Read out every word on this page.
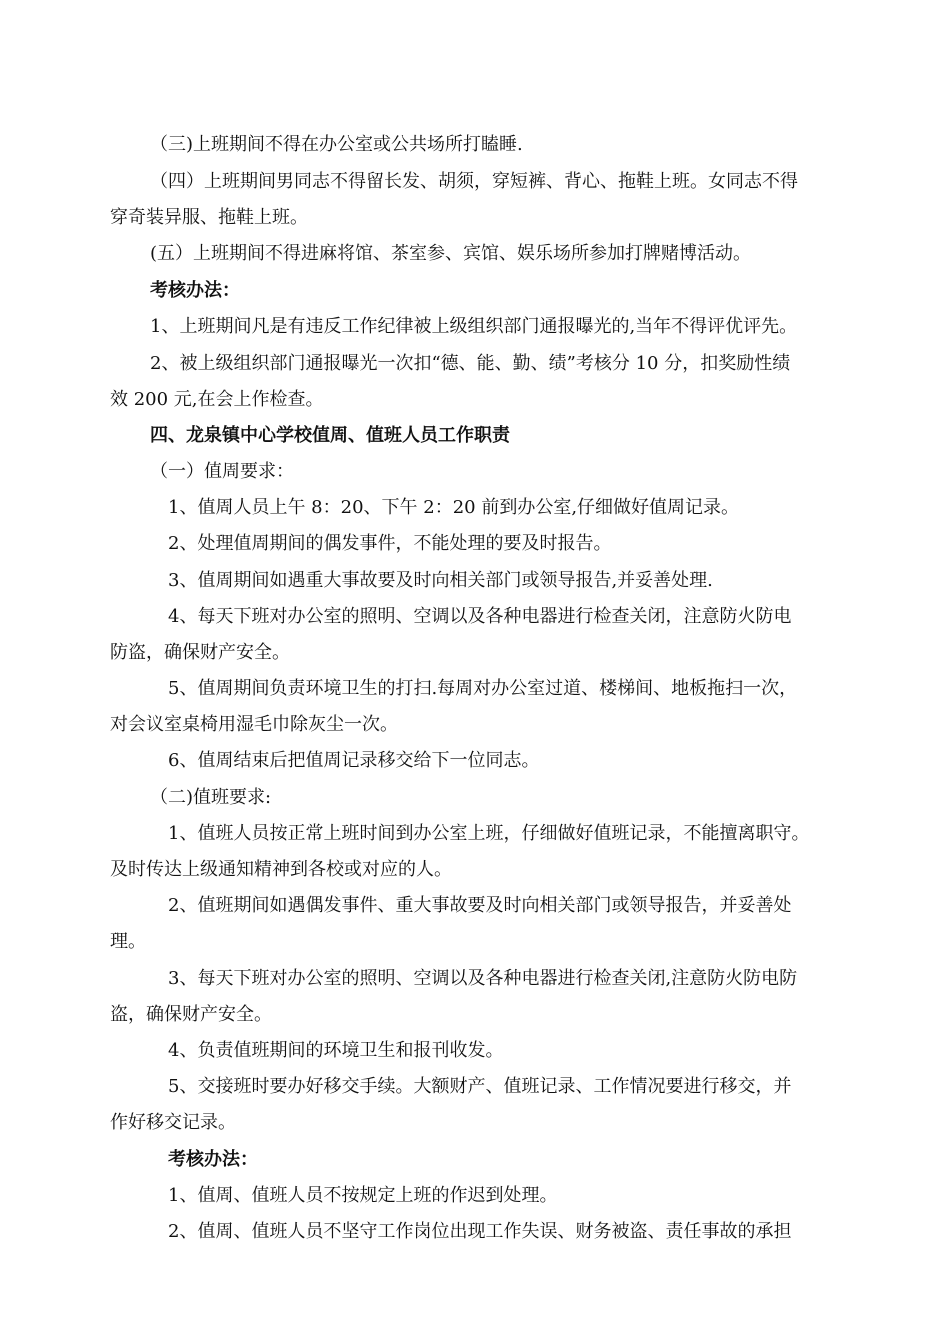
（三)上班期间不得在办公室或公共场所打瞌睡.

（四）上班期间男同志不得留长发、胡须，穿短裤、背心、拖鞋上班。女同志不得

穿奇装异服、拖鞋上班。

(五）上班期间不得进麻将馆、茶室参、宾馆、娱乐场所参加打牌赌博活动。

考核办法：

1、上班期间凡是有违反工作纪律被上级组织部门通报曝光的,当年不得评优评先。

2、被上级组织部门通报曝光一次扣“德、能、勤、绩”考核分 10 分，扣奖励性绩

效 200 元,在会上作检查。

四、龙泉镇中心学校值周、值班人员工作职责

（一）值周要求：

1、值周人员上午 8：20、下午 2：20 前到办公室,仔细做好值周记录。

2、处理值周期间的偶发事件，不能处理的要及时报告。

3、值周期间如遇重大事故要及时向相关部门或领导报告,并妥善处理.

4、每天下班对办公室的照明、空调以及各种电器进行检查关闭，注意防火防电

防盗，确保财产安全。

5、值周期间负责环境卫生的打扫.每周对办公室过道、楼梯间、地板拖扫一次，

对会议室桌椅用湿毛巾除灰尘一次。

6、值周结束后把值周记录移交给下一位同志。

（二)值班要求:

1、值班人员按正常上班时间到办公室上班，仔细做好值班记录，不能擅离职守。

及时传达上级通知精神到各校或对应的人。

2、值班期间如遇偶发事件、重大事故要及时向相关部门或领导报告，并妥善处

理。

3、每天下班对办公室的照明、空调以及各种电器进行检查关闭,注意防火防电防

盗，确保财产安全。

4、负责值班期间的环境卫生和报刊收发。

5、交接班时要办好移交手续。大额财产、值班记录、工作情况要进行移交，并

作好移交记录。

考核办法：

1、值周、值班人员不按规定上班的作迟到处理。

2、值周、值班人员不坚守工作岗位出现工作失误、财务被盗、责任事故的承担
